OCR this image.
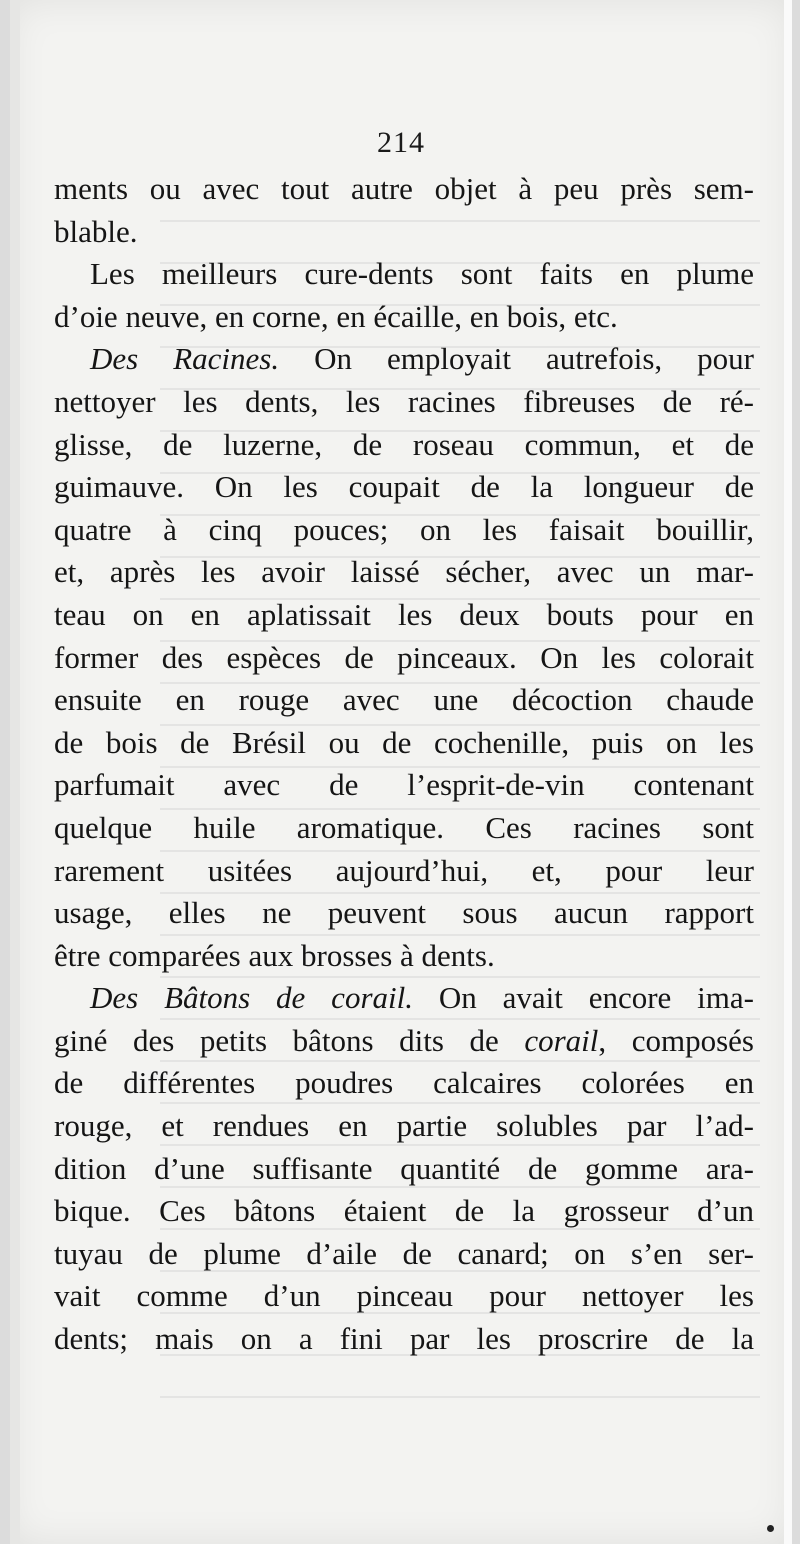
214
ments ou avec tout autre objet à peu près sem-
blable.
Les meilleurs cure-dents sont faits en plume
d’oie neuve, en corne, en écaille, en bois, etc.
Des Racines. On employait autrefois, pour
nettoyer les dents, les racines fibreuses de ré-
glisse, de luzerne, de roseau commun, et de
guimauve. On les coupait de la longueur de
quatre à cinq pouces; on les faisait bouillir,
et, après les avoir laissé sécher, avec un mar-
teau on en aplatissait les deux bouts pour en
former des espèces de pinceaux. On les colorait
ensuite en rouge avec une décoction chaude
de bois de Brésil ou de cochenille, puis on les
parfumait avec de l’esprit-de-vin contenant
quelque huile aromatique. Ces racines sont
rarement usitées aujourd’hui, et, pour leur
usage, elles ne peuvent sous aucun rapport
être comparées aux brosses à dents.
Des Bâtons de corail. On avait encore ima-
giné des petits bâtons dits de corail, composés
de différentes poudres calcaires colorées en
rouge, et rendues en partie solubles par l’ad-
dition d’une suffisante quantité de gomme ara-
bique. Ces bâtons étaient de la grosseur d’un
tuyau de plume d’aile de canard; on s’en ser-
vait comme d’un pinceau pour nettoyer les
dents; mais on a fini par les proscrire de la
